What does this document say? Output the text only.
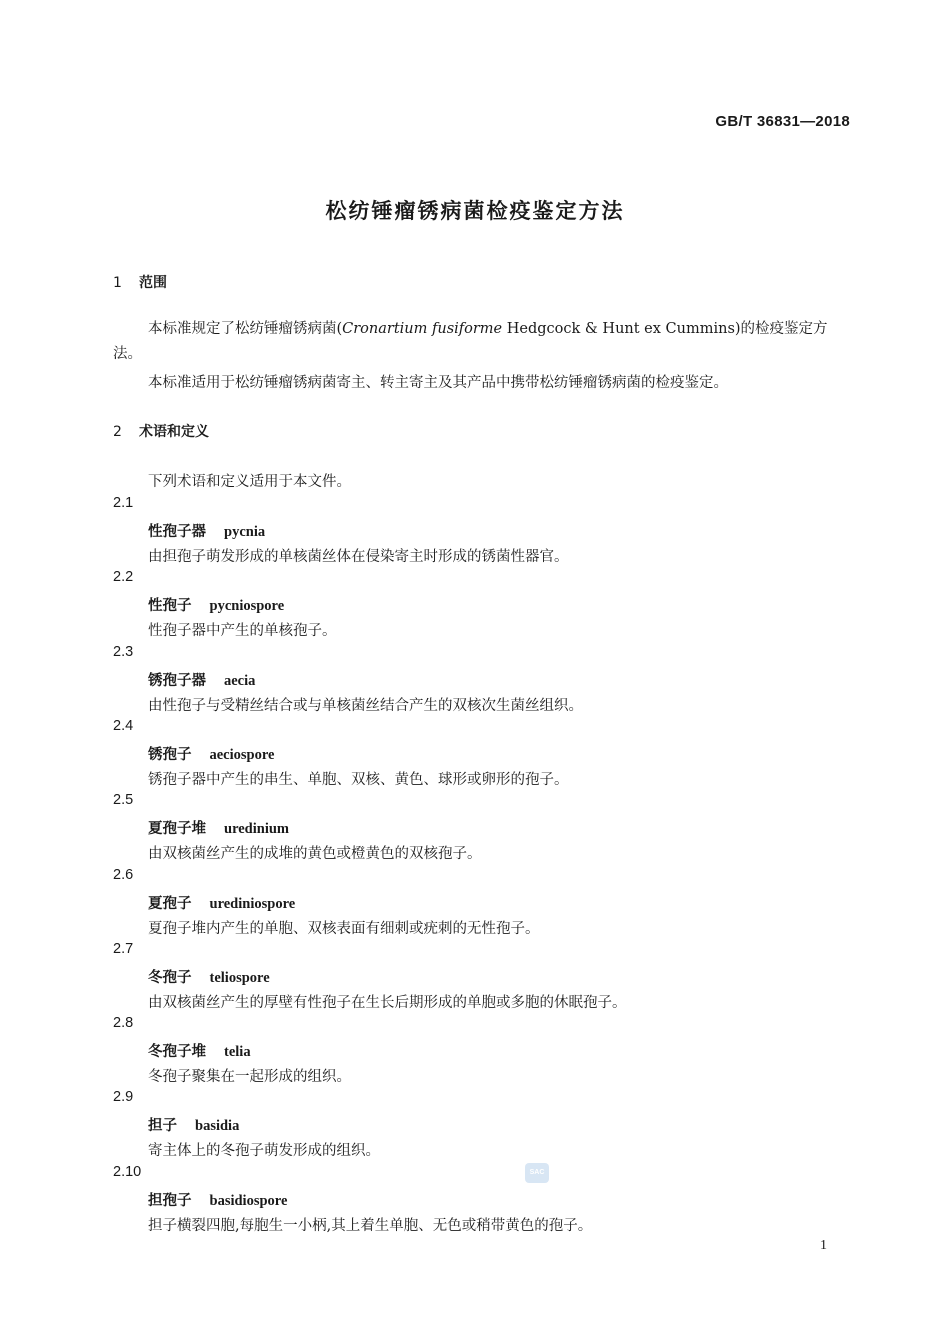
GB/T 36831—2018
松纺锤瘤锈病菌检疫鉴定方法
1 范围

本标准规定了松纺锤瘤锈病菌(Cronartium fusiforme Hedgcock & Hunt ex Cummins)的检疫鉴定方法。

本标准适用于松纺锤瘤锈病菌寄主、转主寄主及其产品中携带松纺锤瘤锈病菌的检疫鉴定。
2 术语和定义
下列术语和定义适用于本文件。
2.1
性孢子器 pycnia
由担孢子萌发形成的单核菌丝体在侵染寄主时形成的锈菌性器官。
2.2
性孢子 pycniospore
性孢子器中产生的单核孢子。
2.3
锈孢子器 aecia
由性孢子与受精丝结合或与单核菌丝结合产生的双核次生菌丝组织。
2.4
锈孢子 aeciospore
锈孢子器中产生的串生、单胞、双核、黄色、球形或卵形的孢子。
2.5
夏孢子堆 uredinium
由双核菌丝产生的成堆的黄色或橙黄色的双核孢子。
2.6
夏孢子 urediniospore
夏孢子堆内产生的单胞、双核表面有细刺或疣刺的无性孢子。
2.7
冬孢子 teliospore
由双核菌丝产生的厚壁有性孢子在生长后期形成的单胞或多胞的休眠孢子。
2.8
冬孢子堆 telia
冬孢子聚集在一起形成的组织。
2.9
担子 basidia
寄主体上的冬孢子萌发形成的组织。
2.10
担孢子 basidiospore
担子横裂四胞,每胞生一小柄,其上着生单胞、无色或稍带黄色的孢子。
SAC
1
